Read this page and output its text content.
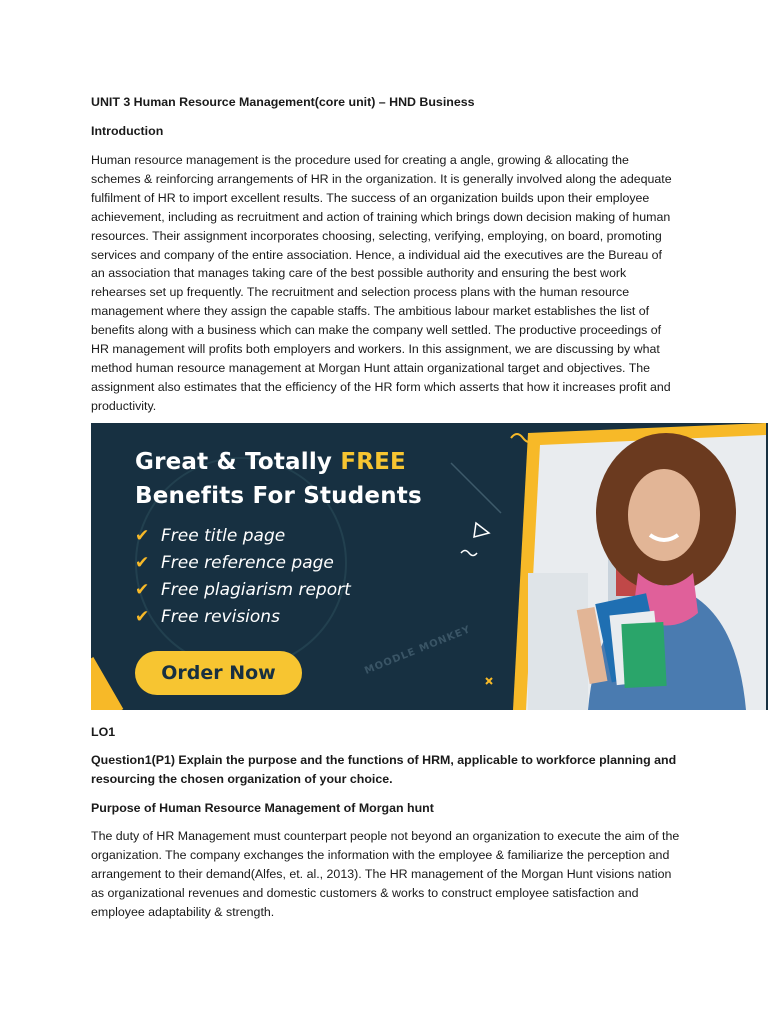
UNIT 3 Human Resource Management(core unit) – HND Business
Introduction
Human resource management is the procedure used for creating a angle, growing & allocating the schemes & reinforcing arrangements of HR in the organization. It is generally involved along the adequate fulfilment of HR to import excellent results. The success of an organization builds upon their employee achievement, including as recruitment and action of training which brings down decision making of human resources. Their assignment incorporates choosing, selecting, verifying, employing, on board, promoting services and company of the entire association. Hence, a individual aid the executives are the Bureau of an association that manages taking care of the best possible authority and ensuring the best work rehearses set up frequently. The recruitment and selection process plans with the human resource management where they assign the capable staffs. The ambitious labour market establishes the list of benefits along with a business which can make the company well settled. The productive proceedings of HR management will profits both employers and workers. In this assignment, we are discussing by what method human resource management at Morgan Hunt attain organizational target and objectives. The assignment also estimates that the efficiency of the HR form which asserts that how it increases profit and productivity.
Great & Totally FREE
Benefits For Students
✔ Free title page
✔ Free reference page
✔ Free plagiarism report
✔ Free revisions
Order Now	MOODLE MONKEY
LO1
Question1(P1) Explain the purpose and the functions of HRM, applicable to workforce planning and resourcing the chosen organization of your choice.
Purpose of Human Resource Management of Morgan hunt
The duty of HR Management must counterpart people not beyond an organization to execute the aim of the organization. The company exchanges the information with the employee & familiarize the perception and arrangement to their demand(Alfes, et. al., 2013). The HR management of the Morgan Hunt visions nation as organizational revenues and domestic customers & works to construct employee satisfaction and employee adaptability & strength.
